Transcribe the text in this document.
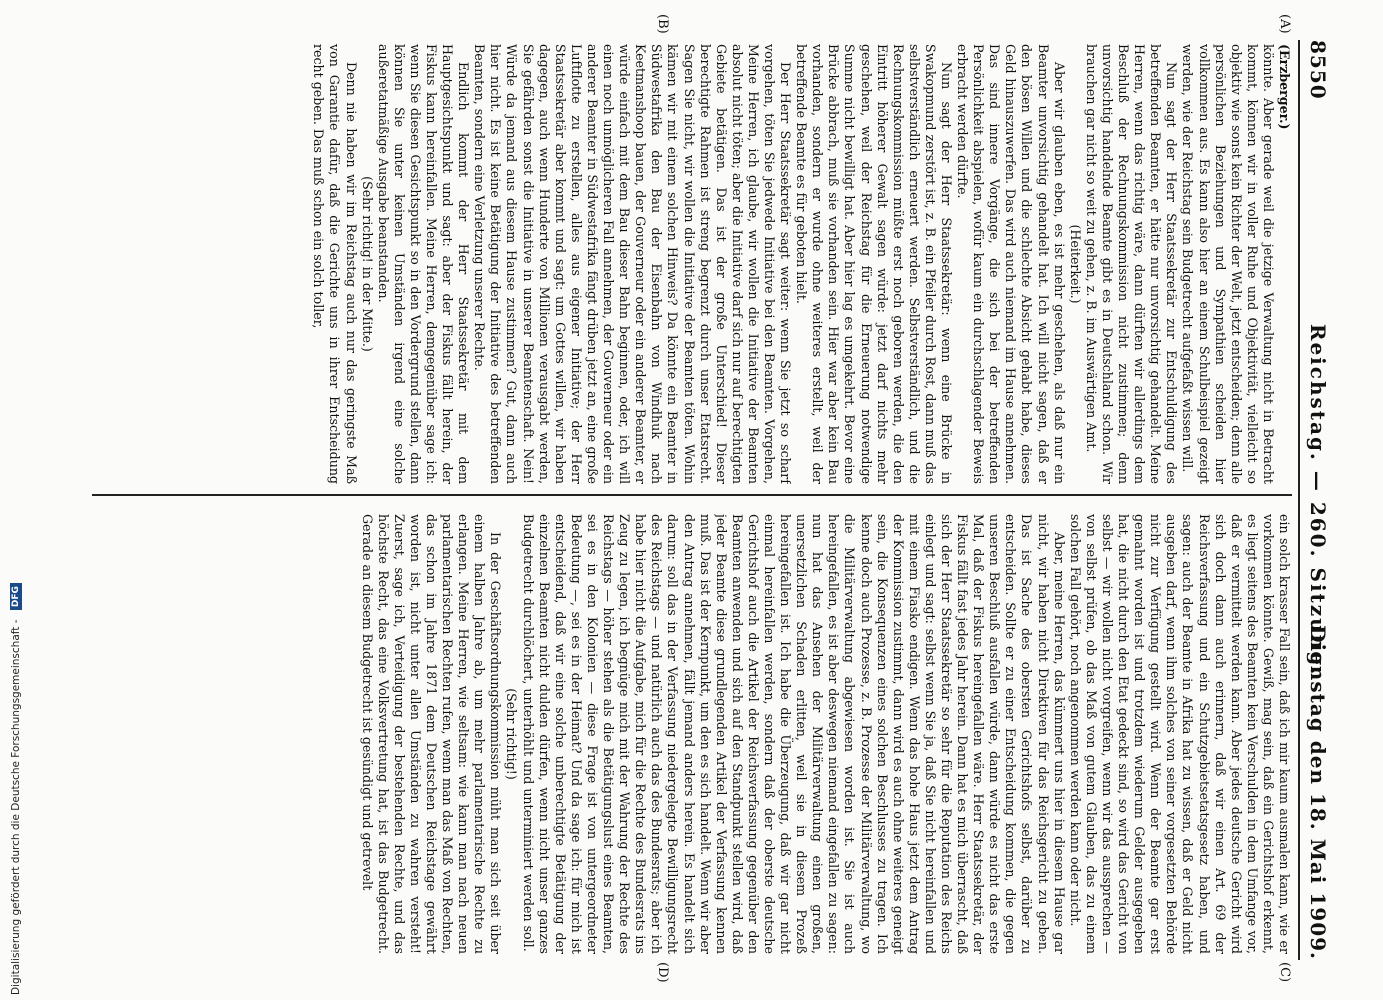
8550
Reichstag. — 260. Sitzung.
Dienstag den 18. Mai 1909.
(A)
(B)
(C)
(D)

(Erzberger.)

könnte. Aber gerade weil die jetzige Verwaltung nicht in Betracht kommt, können wir in voller Ruhe und Objektivität, vielleicht so objektiv wie sonst kein Richter der Welt, jetzt entscheiden; denn alle persönlichen Beziehungen und Sympathien scheiden hier vollkommen aus. Es kann also hier an einem Schulbeispiel gezeigt werden, wie der Reichstag sein Budgetrecht aufgefaßt wissen will.

Nun sagt der Herr Staatssekretär zur Entschuldigung des betreffenden Beamten, er hätte nur unvorsichtig gehandelt. Meine Herren, wenn das richtig wäre, dann dürften wir allerdings dem Beschluß der Rechnungskommission nicht zustimmen; denn unvorsichtig handelnde Beamte gibt es in Deutschland schon. Wir brauchen gar nicht so weit zu gehen, z. B. im Auswärtigen Amt.

(Heiterkeit.)

Aber wir glauben eben, es ist mehr geschehen, als daß nur ein Beamter unvorsichtig gehandelt hat. Ich will nicht sagen, daß er den bösen Willen und die schlechte Absicht gehabt habe, dieses Geld hinauszuwerfen. Das wird auch niemand im Hause annehmen. Das sind innere Vorgänge, die sich bei der betreffenden Persönlichkeit abspielen, wofür kaum ein durchschlagender Beweis erbracht werden dürfte.

Nun sagt der Herr Staatssekretär: wenn eine Brücke in Swakopmund zerstört ist, z. B. ein Pfeiler durch Rost, dann muß das selbstverständlich erneuert werden. Selbstverständlich, und die Rechnungskommission müßte erst noch geboren werden, die den Eintritt höherer Gewalt sagen würde: jetzt darf nichts mehr geschehen, weil der Reichstag für die Erneuerung notwendige Summe nicht bewilligt hat. Aber hier lag es umgekehrt. Bevor eine Brücke abbrach, muß sie vorhanden sein. Hier war aber kein Bau vorhanden, sondern er wurde ohne weiteres erstellt, weil der betreffende Beamte es für geboten hielt.

Der Herr Staatssekretär sagt weiter: wenn Sie jetzt so scharf vorgehen, töten Sie jedwede Initiative bei den Beamten. Vorgehen, Meine Herren, ich glaube, wir wollen die Initiative der Beamten absolut nicht töten; aber die Initiative darf sich nur auf berechtigten Gebiete betätigen. Das ist der große Unterschied! Dieser berechtigte Rahmen ist streng begrenzt durch unser Etatsrecht. Sagen Sie nicht, wir wollen die Initiative der Beamten töten. Wohin kämen wir mit einem solchen Hinweis? Da könnte ein Beamter in Südwestafrika den Bau der Eisenbahn von Windhuk nach Keetmanshoop bauen, der Gouverneur oder ein anderer Beamter, er würde einfach mit dem Bau dieser Bahn beginnen, oder, ich will einen noch unmöglicheren Fall annehmen, der Gouverneur oder ein anderer Beamter in Südwestafrika fängt drüben jetzt an, eine große Luftflotte zu erstellen, alles aus eigener Initiative; der Herr Staatssekretär aber kommt und sagt: um Gottes willen, wir haben dagegen, auch wenn Hunderte von Millionen verausgabt werden, Sie gefährden sonst die Initiative in unserer Beamtenschaft. Nein! Würde da jemand aus diesem Hause zustimmen? Gut, dann auch hier nicht. Es ist keine Betätigung der Initiative des betreffenden Beamten, sondern eine Verletzung unserer Rechte.

Endlich kommt der Herr Staatssekretär mit dem Hauptgesichtspunkt und sagt: aber der Fiskus fällt herein, der Fiskus kann hereinfallen. Meine Herren, demgegenüber sage ich: wenn Sie diesen Gesichtspunkt so in den Vordergrund stellen, dann können Sie unter keinen Umständen irgend eine solche außeretatmäßige Ausgabe beanstanden.

(Sehr richtig! in der Mitte.)

Denn nie haben wir im Reichstag auch nur das geringste Maß von Garantie dafür, daß die Gerichte uns in ihrer Entscheidung recht geben. Das muß schon ein solch toller,

ein solch krasser Fall sein, daß ich mir kaum ausmalen kann, wie er vorkommen könnte. Gewiß, mag sein, daß ein Gerichtshof erkennt, es liegt seitens des Beamten kein Verschulden in dem Umfange vor, daß er vermittelt werden kann. Aber jedes deutsche Gericht wird sich doch dann auch erinnern, daß wir einen Art. 69 der Reichsverfassung und ein Schutzgebietsetatsgesetz haben, und sagen: auch der Beamte in Afrika hat zu wissen, daß er Geld nicht ausgeben darf, wenn ihm solches von seiner vorgesetzten Behörde nicht zur Verfügung gestellt wird. Wenn der Beamte gar erst gemahnt worden ist und trotzdem wiederum Gelder ausgegeben hat, die nicht durch den Etat gedeckt sind, so wird das Gericht von selbst — wir wollen nicht vorgreifen, wenn wir das aussprechen — von selbst prüfen, ob das Maß von gutem Glauben, das zu einem solchen Fall gehört, noch angenommen werden kann oder nicht.

Aber, meine Herren, das kümmert uns hier in diesem Hause gar nicht, wir haben nicht Direktiven für das Reichsgericht zu geben. Das ist Sache des obersten Gerichtshofs selbst, darüber zu entscheiden. Sollte er zu einer Entscheidung kommen, die gegen unseren Beschluß ausfallen würde, dann würde es nicht das erste Mal, daß der Fiskus hereingefallen wäre. Herr Staatssekretär, der Fiskus fällt fast jedes Jahr herein. Dann hat es mich überrascht, daß sich der Herr Staatssekretär so sehr für die Reputation des Reichs einlegt und sagt: selbst wenn Sie ja, daß Sie nicht hereinfallen und mit einem Fiasko endigen. Wenn das hohe Haus jetzt dem Antrag der Kommission zustimmt, dann wird es auch ohne weiteres geneigt sein, die Konsequenzen eines solchen Beschlusses zu tragen. Ich kenne doch auch Prozesse, z. B. Prozesse der Militärverwaltung, wo die Militärverwaltung abgewiesen worden ist. Sie ist auch hereingefallen, es ist aber deswegen niemand eingefallen zu sagen: nun hat das Ansehen der Militärverwaltung einen großen, unersetzlichen Schaden erlitten, weil sie in diesem Prozeß hereingefallen ist. Ich habe die Überzeugung, daß wir gar nicht einmal hereinfallen werden, sondern daß der oberste deutsche Gerichtshof auch die Artikel der Reichsverfassung gegenüber den Beamten anwenden und sich auf den Standpunkt stellen wird, daß jeder Beamte diese grundlegenden Artikel der Verfassung kennen muß. Das ist der Kernpunkt, um den es sich handelt. Wenn wir aber den Antrag annehmen, fällt jemand anders herein. Es handelt sich darum: soll das in der Verfassung niedergelegte Bewilligungsrecht des Reichstags — und natürlich auch das des Bundesrats; aber ich habe hier nicht die Aufgabe, mich für die Rechte des Bundesrats ins Zeug zu legen, ich begnüge mich mit der Wahrung der Rechte des Reichstags — höher stehen als die Betätigungslust eines Beamten, sei es in den Kolonien — diese Frage ist von untergeordneter Bedeutung —, sei es in der Heimat? Und da sage ich: für mich ist entscheidend, daß wir eine solche unberechtigte Betätigung der einzelnen Beamten nicht dulden dürfen, wenn nicht unser ganzes Budgetrecht durchlöchert, unterhöhlt und unterminiert werden soll.

(Sehr richtig!)

In der Geschäftsordnungskommission müht man sich seit über einem halben Jahre ab, um mehr parlamentarische Rechte zu erlangen. Meine Herren, wie seltsam: wie kann man nach neuen parlamentarischen Rechten rufen, wenn man das Maß von Rechten, das schon im Jahre 1871 dem Deutschen Reichstage gewährt worden ist, nicht unter allen Umständen zu wahren versteht! Zuerst, sage ich, Verteidigung der bestehenden Rechte, und das höchste Recht, das eine Volksvertretung hat, ist das Budgetrecht. Gerade an diesem Budgetrecht ist gesündigt und getrevelt

Digitalisierung gefördert durch die Deutsche Forschungsgemeinschaft - DFG
